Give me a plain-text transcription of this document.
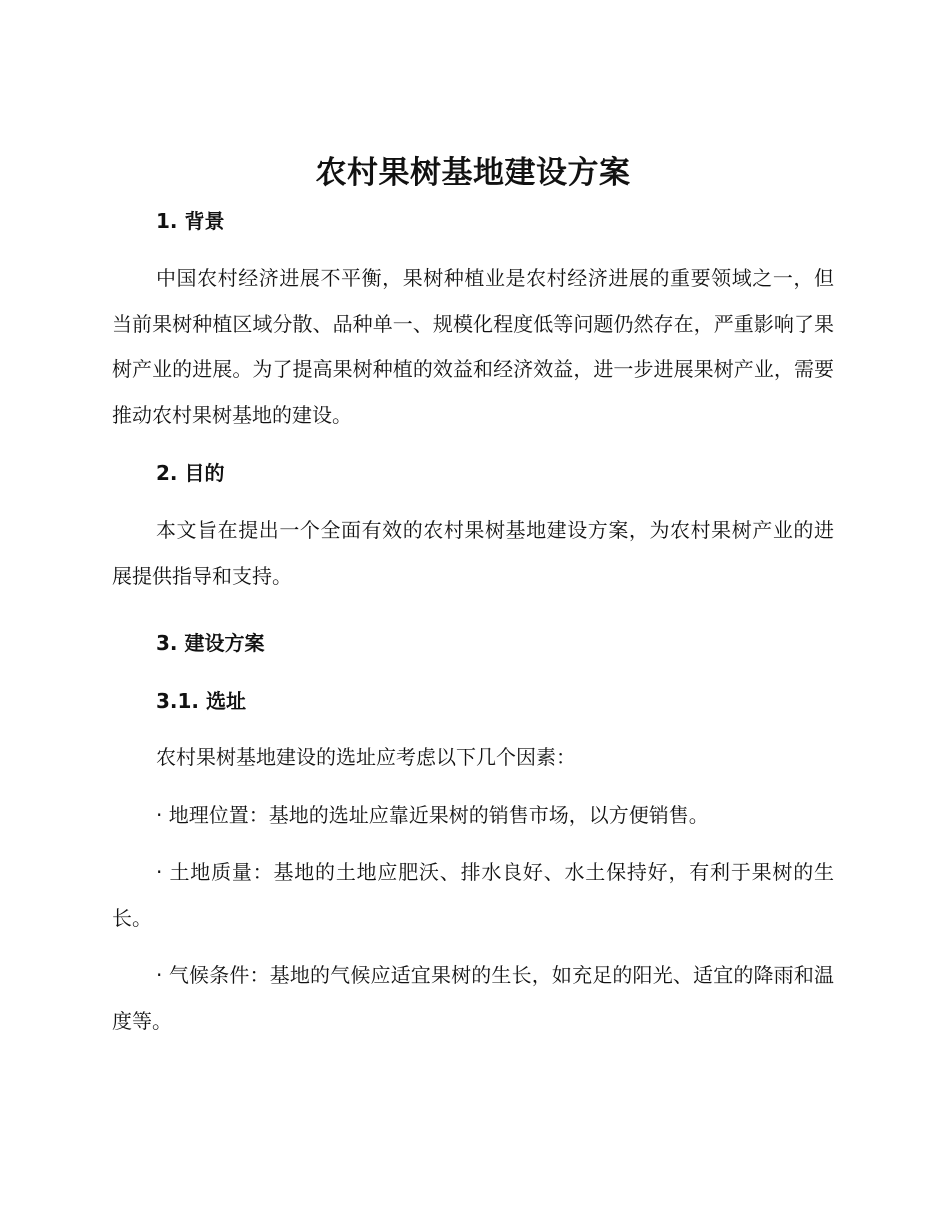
农村果树基地建设方案
1. 背景

中国农村经济进展不平衡，果树种植业是农村经济进展的重要领域之一，但当前果树种植区域分散、品种单一、规模化程度低等问题仍然存在，严重影响了果树产业的进展。为了提高果树种植的效益和经济效益，进一步进展果树产业，需要推动农村果树基地的建设。

2. 目的

本文旨在提出一个全面有效的农村果树基地建设方案，为农村果树产业的进展提供指导和支持。

3. 建设方案
3.1. 选址

农村果树基地建设的选址应考虑以下几个因素：

· 地理位置：基地的选址应靠近果树的销售市场，以方便销售。

· 土地质量：基地的土地应肥沃、排水良好、水土保持好，有利于果树的生长。

· 气候条件：基地的气候应适宜果树的生长，如充足的阳光、适宜的降雨和温度等。
